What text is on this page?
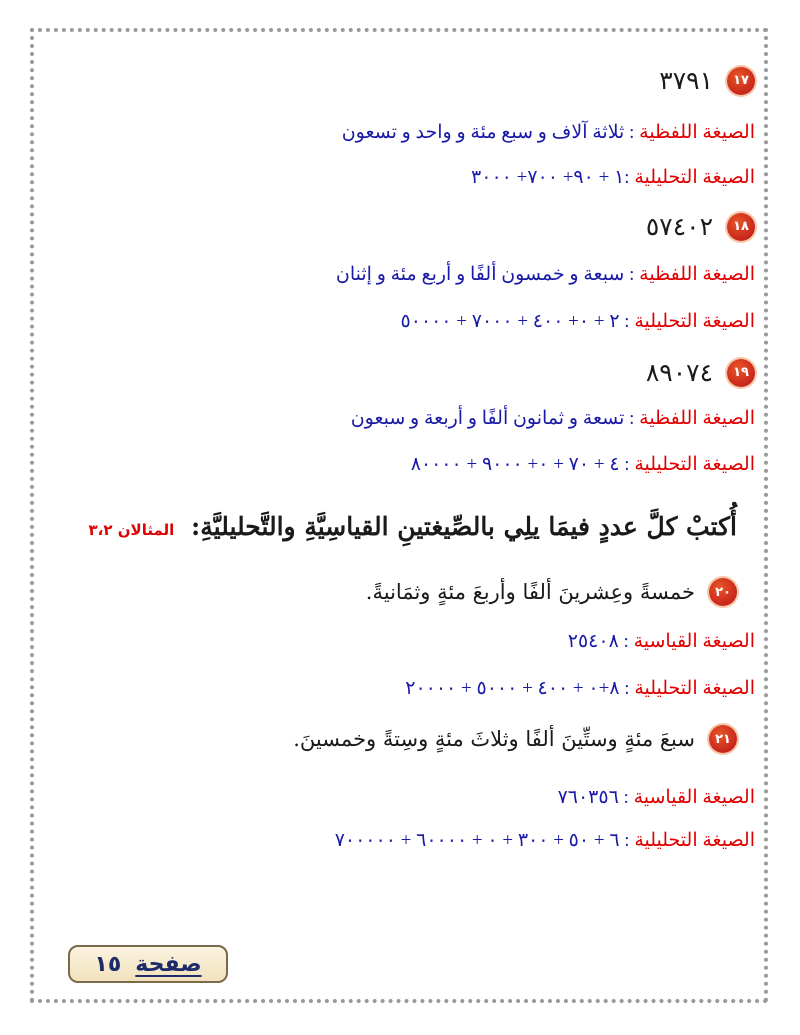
١٧
٣٧٩١
الصيغة اللفظية : ثلاثة آلاف و سبع مئة و واحد و تسعون
الصيغة التحليلية :١ + ٩٠+ ٧٠٠+ ٣٠٠٠
١٨
٥٧٤٠٢
الصيغة اللفظية : سبعة و خمسون ألفًا و أربع مئة و إثنان
الصيغة التحليلية : ٢ + ٠+ ٤٠٠ + ٧٠٠٠ + ٥٠٠٠٠
١٩
٨٩٠٧٤
الصيغة اللفظية : تسعة و ثمانون ألفًا و أربعة و سبعون
الصيغة التحليلية : ٤ + ٧٠ + ٠+ ٩٠٠٠ + ٨٠٠٠٠
أُكتبْ كلَّ عددٍ فيمَا يلِي بالصِّيغتينِ القياسِيَّةِ والتَّحليليَّةِ: المثالان ٣،٢
٢٠
خمسةً وعِشرينَ ألفًا وأربعَ مئةٍ وثمَانيةً.
الصيغة القياسية : ٢٥٤٠٨
الصيغة التحليلية : ٨+٠ + ٤٠٠ + ٥٠٠٠ + ٢٠٠٠٠
٢١
سبعَ مئةٍ وستِّينَ ألفًا وثلاثَ مئةٍ وسِتةً وخمسينَ.
الصيغة القياسية : ٧٦٠٣٥٦
الصيغة التحليلية : ٦ + ٥٠ + ٣٠٠ + ٠ + ٦٠٠٠٠ + ٧٠٠٠٠٠
صفحة
١٥
